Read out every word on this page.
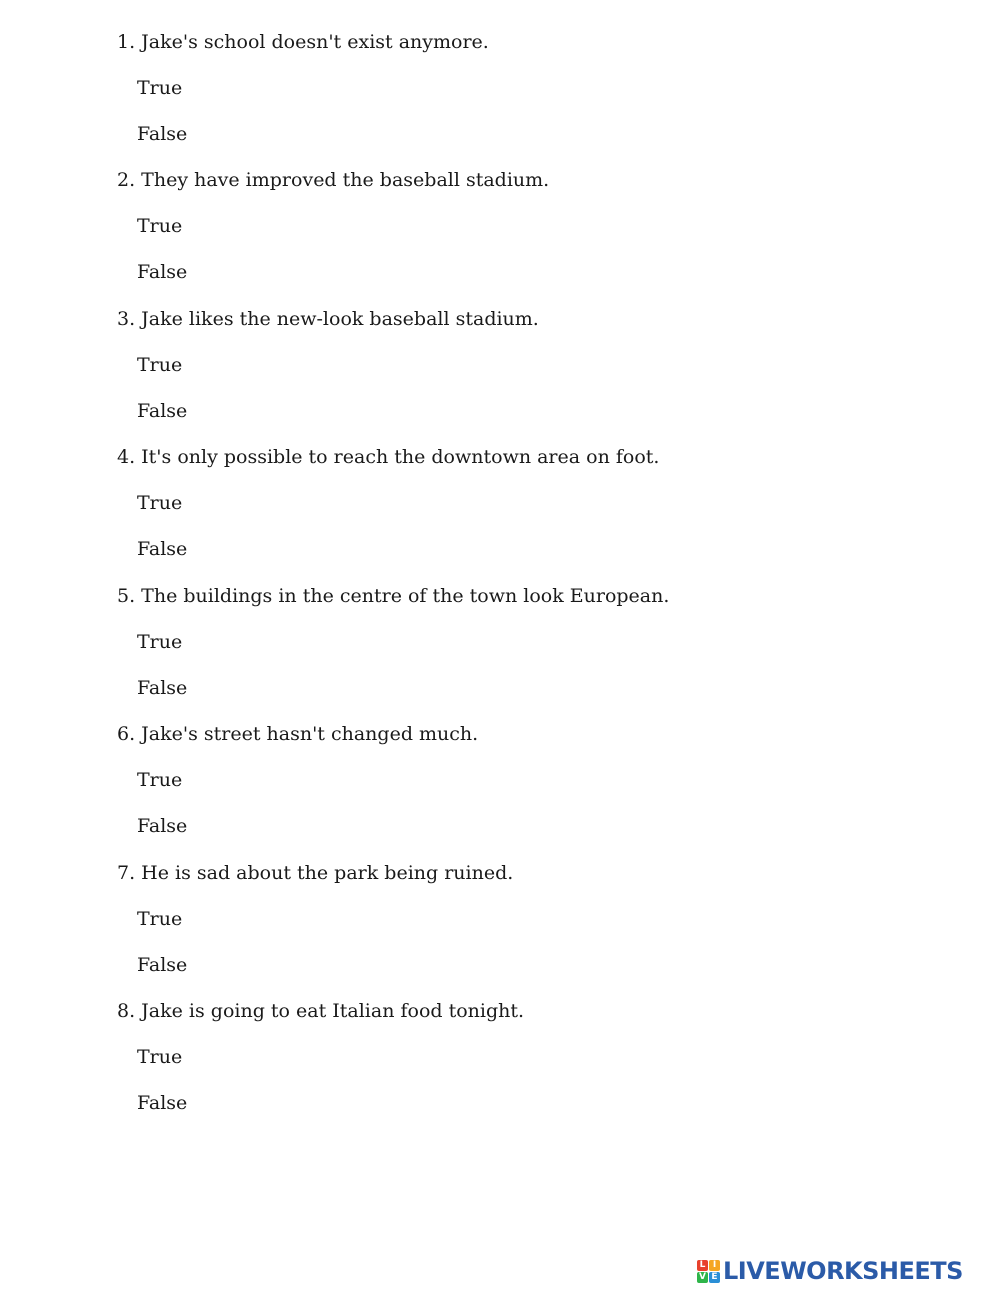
1. Jake's school doesn't exist anymore.
True
False
2. They have improved the baseball stadium.
True
False
3. Jake likes the new-look baseball stadium.
True
False
4. It's only possible to reach the downtown area on foot.
True
False
5. The buildings in the centre of the town look European.
True
False
6. Jake's street hasn't changed much.
True
False
7. He is sad about the park being ruined.
True
False
8. Jake is going to eat Italian food tonight.
True
False
L I
V E LIVEWORKSHEETS
